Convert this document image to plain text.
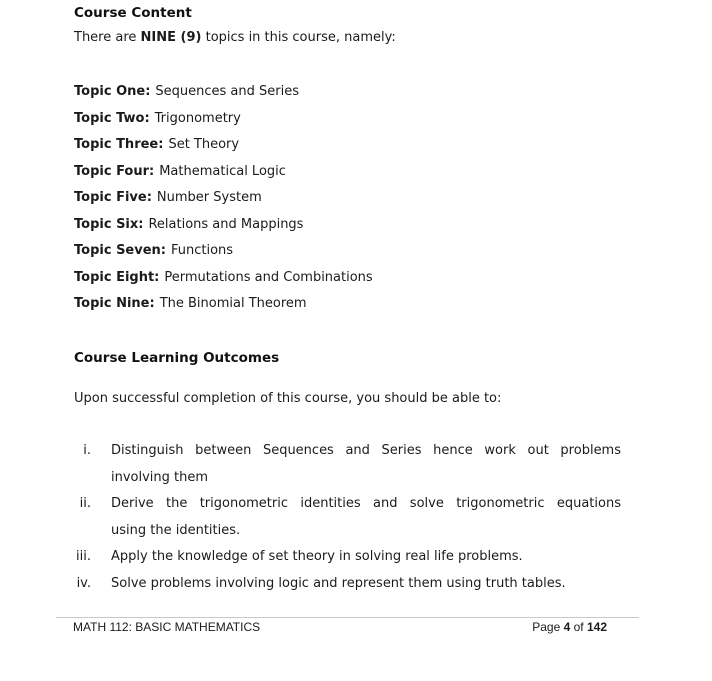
Course Content

There are NINE (9) topics in this course, namely:

Topic One: Sequences and Series
Topic Two: Trigonometry
Topic Three: Set Theory
Topic Four: Mathematical Logic
Topic Five: Number System
Topic Six: Relations and Mappings
Topic Seven: Functions
Topic Eight: Permutations and Combinations
Topic Nine: The Binomial Theorem
Course Learning Outcomes

Upon successful completion of this course, you should be able to:

i. Distinguish between Sequences and Series hence work out problems
involving them
ii. Derive the trigonometric identities and solve trigonometric equations
using the identities.
iii. Apply the knowledge of set theory in solving real life problems.
iv. Solve problems involving logic and represent them using truth tables.
MATH 112: BASIC MATHEMATICS	Page 4 of 142
